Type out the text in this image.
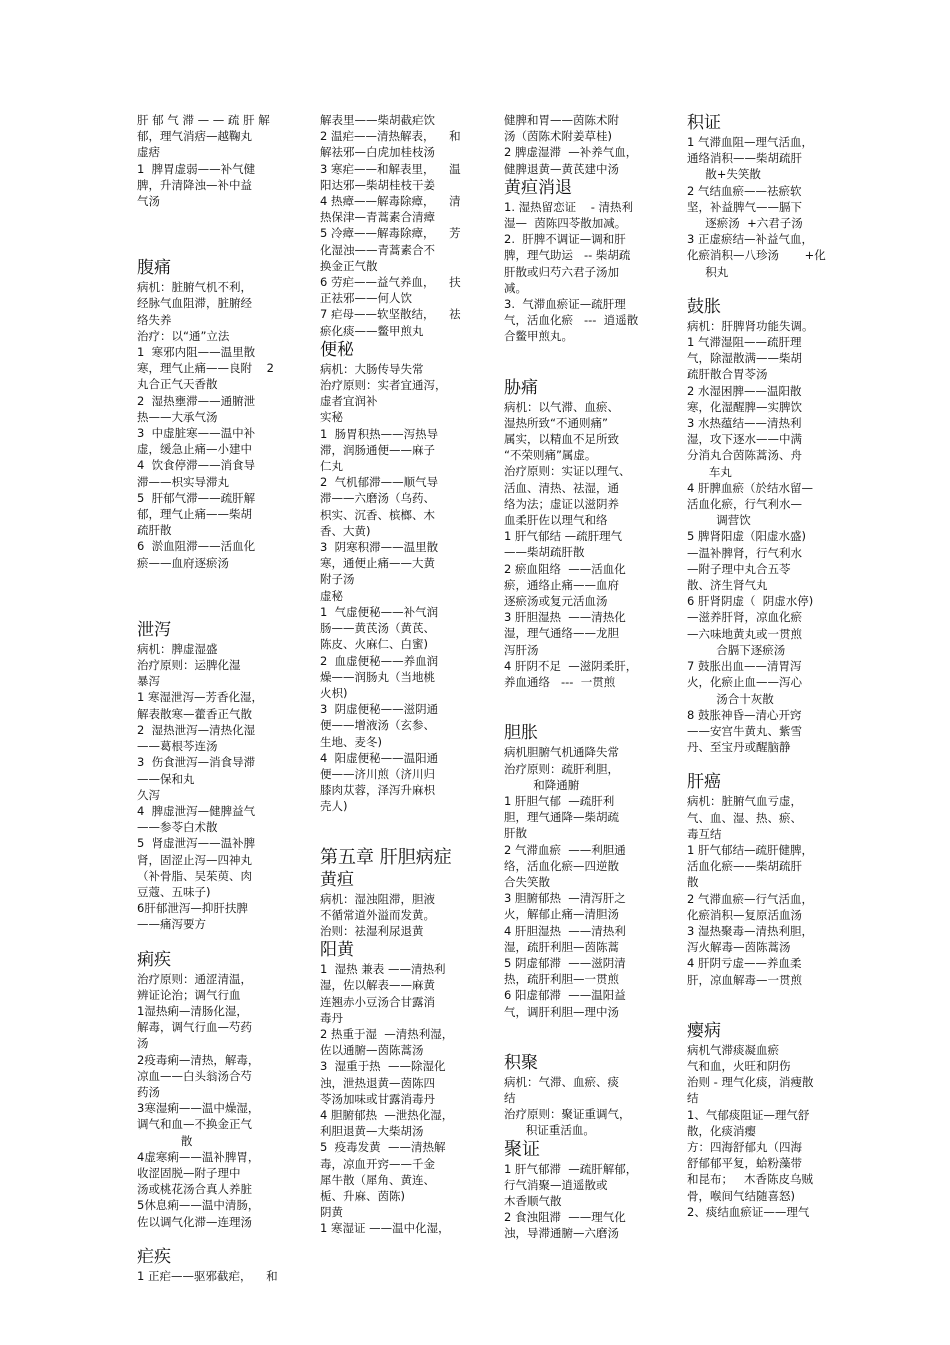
肝 郁 气 滞 — — 疏 肝 解
郁，理气消痞—越鞠丸
虚痞
1  脾胃虚弱——补气健
脾，升清降浊—补中益
气汤
腹痛
病机：脏腑气机不利，
经脉气血阻滞，脏腑经
络失养
治疗：以“通”立法
1  寒邪内阻——温里散
寒，理气止痛——良附    2
丸合正气天香散
2  湿热壅滞——通腑泄
热——大承气汤
3  中虚脏寒——温中补
虚，缓急止痛—小建中
4  饮食停滞——消食导
滞——枳实导滞丸
5  肝郁气滞——疏肝解
郁，理气止痛——柴胡
疏肝散
6  淤血阻滞——活血化
瘀——血府逐瘀汤
泄泻
病机：脾虚湿盛
治疗原则：运脾化湿
暴泻
1 寒湿泄泻—芳香化湿，
解表散寒—藿香正气散
2  湿热泄泻—清热化湿
——葛根芩连汤
3  伤食泄泻—消食导滞
——保和丸
久泻
4  脾虚泄泻—健脾益气
——参苓白术散
5  肾虚泄泻——温补脾
肾，固涩止泻—四神丸
（补骨脂、吴茱萸、肉
豆蔻、五味子)
6肝郁泄泻—抑肝扶脾
——痛泻要方
痢疾
治疗原则：通涩清温，
辨证论治；调气行血
1湿热痢—清肠化湿，
解毒，调气行血—芍药
汤
2疫毒痢—清热，解毒，
凉血——白头翁汤合芍
药汤
3寒湿痢——温中燥湿，
调气和血—不换金正气
散
4虚寒痢——温补脾胃，
收涩固脱—附子理中
汤或桃花汤合真人养脏
5休息痢——温中清肠，
佐以调气化滞—连理汤
疟疾
1 正疟——驱邪截疟，    和
解表里——柴胡截疟饮
2 温疟——清热解表，    和
解祛邪—白虎加桂枝汤
3 寒疟——和解表里，    温
阳达邪—柴胡桂枝干姜
4 热瘴——解毒除瘴，    清
热保津—青蒿素合清瘴
5 冷瘴——解毒除瘴，    芳
化湿浊——青蒿素合不
换金正气散
6 劳疟——益气养血，    扶
正祛邪——何人饮
7 疟母——软坚散结，    祛
瘀化痰——鳖甲煎丸
便秘
病机：大肠传导失常
治疗原则：实者宜通泻，
虚者宜润补
实秘
1  肠胃积热——泻热导
滞，润肠通便——麻子
仁丸
2  气机郁滞——顺气导
滞——六磨汤（乌药、
枳实、沉香、槟榔、木
香、大黄)
3  阴寒积滞——温里散
寒，通便止痛——大黄
附子汤
虚秘
1  气虚便秘——补气润
肠——黄芪汤（黄芪、
陈皮、火麻仁、白蜜)
2  血虚便秘——养血润
燥——润肠丸（当地桃
火枳)
3  阴虚便秘——滋阴通
便——增液汤（玄参、
生地、麦冬)
4  阳虚便秘——温阳通
便——济川煎（济川归
膝肉苁蓉，泽泻升麻枳
壳人)
第五章 肝胆病症
黄疸
病机：湿浊阻滞，胆液
不循常道外溢而发黄。
治则：祛湿利尿退黄
阳黄
1  湿热 兼表 ——清热利
湿，佐以解表——麻黄
连翘赤小豆汤合甘露消
毒丹
2 热重于湿  —清热利湿，
佐以通腑—茵陈蒿汤
3  湿重于热  ——除湿化
浊，泄热退黄—茵陈四
苓汤加味或甘露消毒丹
4 胆腑郁热  —泄热化湿，
利胆退黄—大柴胡汤
5  疫毒发黄  ——清热解
毒，凉血开窍——千金
犀牛散（犀角、黄连、
栀、升麻、茵陈)
阴黄
1 寒湿证 ——温中化湿，
健脾和胃——茵陈术附
汤（茵陈术附姜草桂)
2 脾虚湿滞  —补养气血，
健脾退黄—黄芪建中汤
黄疸消退
1. 湿热留恋证    - 清热利
湿—  茵陈四苓散加减。
2.  肝脾不调证—调和肝
脾，理气助运   -- 柴胡疏
肝散或归芍六君子汤加
减。
3.  气滞血瘀证—疏肝理
气，活血化瘀   ---  逍遥散
合鳖甲煎丸。
胁痛
病机：以气滞、血瘀、
湿热所致“不通则痛”
属实，以精血不足所致
“不荣则痛”属虚。
治疗原则：实证以理气、
活血、清热、祛湿，通
络为法；虚证以滋阴养
血柔肝佐以理气和络
1 肝气郁结 —疏肝理气
——柴胡疏肝散
2 瘀血阻络  ——活血化
瘀，通络止痛——血府
逐瘀汤或复元活血汤
3 肝胆湿热  ——清热化
湿，理气通络——龙胆
泻肝汤
4 肝阴不足  —滋阴柔肝，
养血通络   ---  一贯煎
胆胀
病机胆腑气机通降失常
治疗原则：疏肝利胆，
和降通腑
1 肝胆气郁  —疏肝利
胆，理气通降—柴胡疏
肝散
2 气滞血瘀  ——利胆通
络，活血化瘀—四逆散
合失笑散
3 胆腑郁热  —清泻肝之
火，解郁止痛—清胆汤
4 肝胆湿热  ——清热利
湿，疏肝利胆—茵陈蒿
5 阴虚郁滞  ——滋阴清
热，疏肝利胆—一贯煎
6 阳虚郁滞  ——温阳益
气，调肝利胆—理中汤
积聚
病机：气滞、血瘀、痰
结
治疗原则：聚证重调气，
积证重活血。
聚证
1 肝气郁滞  —疏肝解郁，
行气消聚—逍遥散或
木香顺气散
2 食浊阻滞  ——理气化
浊，导滞通腑—六磨汤
积证
1 气滞血阻—理气活血，
通络消积——柴胡疏肝
散+失笑散
2 气结血瘀——祛瘀软
坚，补益脾气——膈下
逐瘀汤  +六君子汤
3 正虚瘀结—补益气血，
化瘀消积—八珍汤       +化
积丸
鼓胀
病机：肝脾肾功能失调。
1 气滞湿阻——疏肝理
气，除湿散满——柴胡
疏肝散合胃苓汤
2 水湿困脾——温阳散
寒，化湿醒脾—实脾饮
3 水热蕴结——清热利
湿，攻下逐水——中满
分消丸合茵陈蒿汤、舟
车丸
4 肝脾血瘀（於结水留—
活血化瘀，行气利水—
调营饮
5 脾肾阳虚（阳虚水盛)
—温补脾肾，行气利水
—附子理中丸合五苓
散、济生肾气丸
6 肝肾阴虚（  阴虚水停)
—滋养肝肾，凉血化瘀
—六味地黄丸或一贯煎
合膈下逐瘀汤
7 鼓胀出血——清胃泻
火，化瘀止血——泻心
汤合十灰散
8 鼓胀神昏—清心开窍
——安宫牛黄丸、紫雪
丹、至宝丹或醒脑静
肝癌
病机：脏腑气血亏虚，
气、血、湿、热、瘀、
毒互结
1 肝气郁结—疏肝健脾，
活血化瘀——柴胡疏肝
散
2 气滞血瘀—行气活血，
化瘀消积—复原活血汤
3 湿热聚毒—清热利胆，
泻火解毒—茵陈蒿汤
4 肝阴亏虚——养血柔
肝，凉血解毒—一贯煎
瘿病
病机气滞痰凝血瘀
气和血，火旺和阴伤
治则 - 理气化痰，消瘦散
结
1、气郁痰阻证—理气舒
散，化痰消瘿
方：四海舒郁丸（四海
舒郁郁平复，蛤粉藻带
和昆布；   木香陈皮乌贼
骨，喉间气结随喜怒)
2、痰结血瘀证——理气
